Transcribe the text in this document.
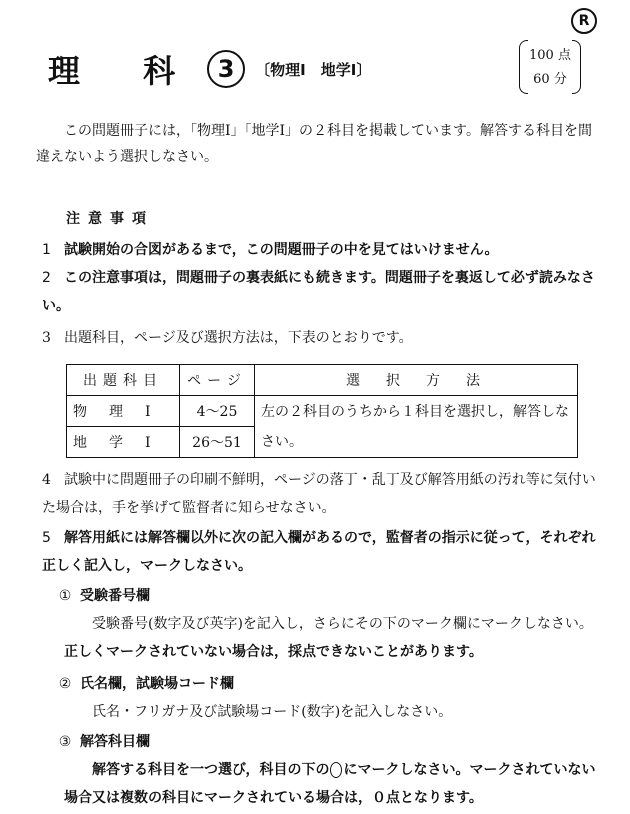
R
理 科 3	〔物理Ⅰ　地学Ⅰ〕
100 点
60 分

この問題冊子には，「物理Ⅰ」「地学Ⅰ」の２科目を掲載しています。解答する科目を間違えないよう選択しなさい。

注意事項
1 試験開始の合図があるまで，この問題冊子の中を見てはいけません。
2 この注意事項は，問題冊子の裏表紙にも続きます。問題冊子を裏返して必ず読みなさい。
3 出題科目，ページ及び選択方法は，下表のとおりです。
出題科目	ページ	選　択　方　法
物　理　Ⅰ	4〜25	左の２科目のうちから１科目を選択し，解答しなさい。
地　学　Ⅰ	26〜51	
4 試験中に問題冊子の印刷不鮮明，ページの落丁・乱丁及び解答用紙の汚れ等に気付いた場合は，手を挙げて監督者に知らせなさい。
5 解答用紙には解答欄以外に次の記入欄があるので，監督者の指示に従って，それぞれ正しく記入し，マークしなさい。
① 受験番号欄

受験番号(数字及び英字)を記入し，さらにその下のマーク欄にマークしなさい。

正しくマークされていない場合は，採点できないことがあります。

② 氏名欄，試験場コード欄

氏名・フリガナ及び試験場コード(数字)を記入しなさい。

③ 解答科目欄

解答する科目を一つ選び，科目の下の にマークしなさい。マークされていない場合又は複数の科目にマークされている場合は，０点となります。
